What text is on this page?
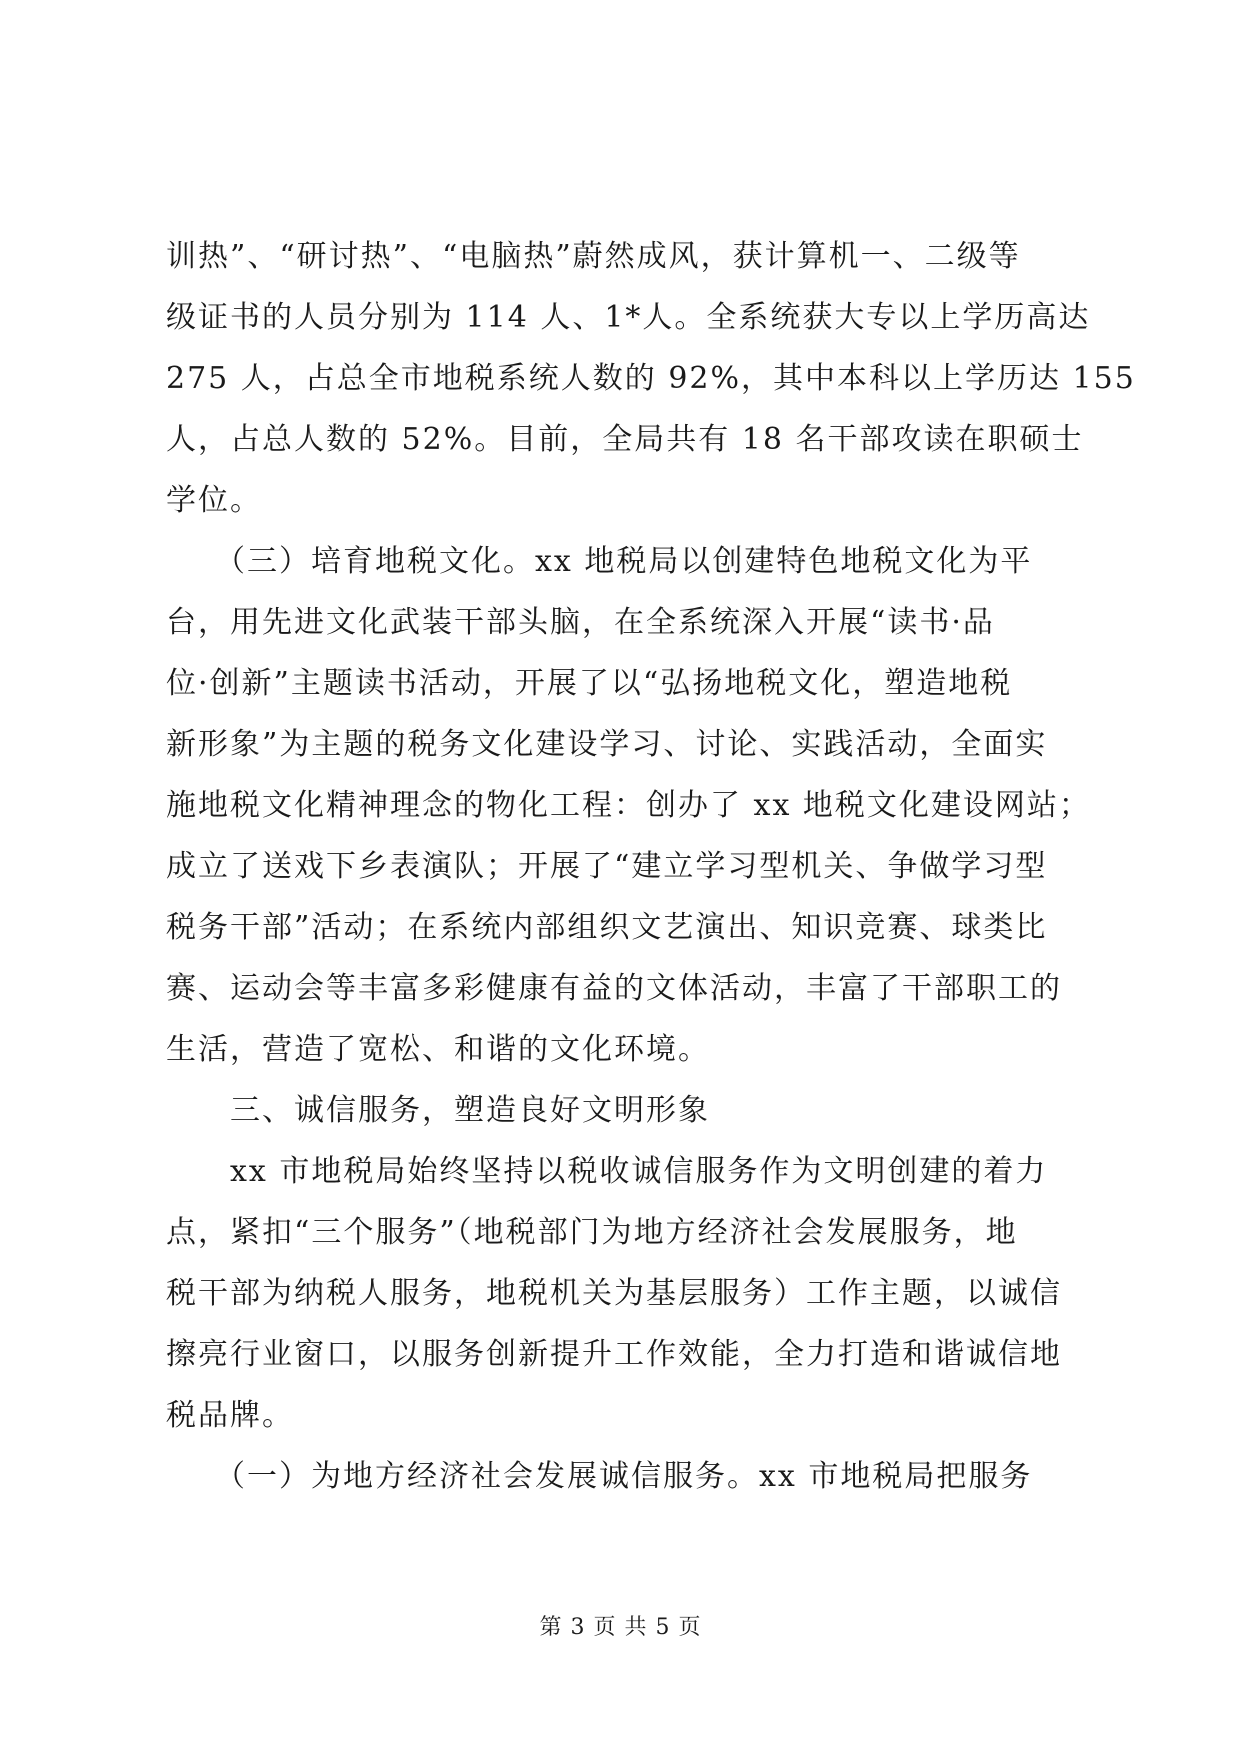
训热”、“研讨热”、“电脑热”蔚然成风，获计算机一、二级等
级证书的人员分别为 114 人、1*人。全系统获大专以上学历高达
275 人，占总全市地税系统人数的 92%，其中本科以上学历达 155
人，占总人数的 52%。目前，全局共有 18 名干部攻读在职硕士
学位。
　　（三）培育地税文化。xx 地税局以创建特色地税文化为平
台，用先进文化武装干部头脑，在全系统深入开展“读书·品
位·创新”主题读书活动，开展了以“弘扬地税文化，塑造地税
新形象”为主题的税务文化建设学习、讨论、实践活动，全面实
施地税文化精神理念的物化工程：创办了 xx 地税文化建设网站；
成立了送戏下乡表演队；开展了“建立学习型机关、争做学习型
税务干部”活动；在系统内部组织文艺演出、知识竞赛、球类比
赛、运动会等丰富多彩健康有益的文体活动，丰富了干部职工的
生活，营造了宽松、和谐的文化环境。
　　三、诚信服务，塑造良好文明形象
　　xx 市地税局始终坚持以税收诚信服务作为文明创建的着力
点，紧扣“三个服务”（地税部门为地方经济社会发展服务，地
税干部为纳税人服务，地税机关为基层服务）工作主题，以诚信
擦亮行业窗口，以服务创新提升工作效能，全力打造和谐诚信地
税品牌。
　　（一）为地方经济社会发展诚信服务。xx 市地税局把服务
第 3 页 共 5 页
